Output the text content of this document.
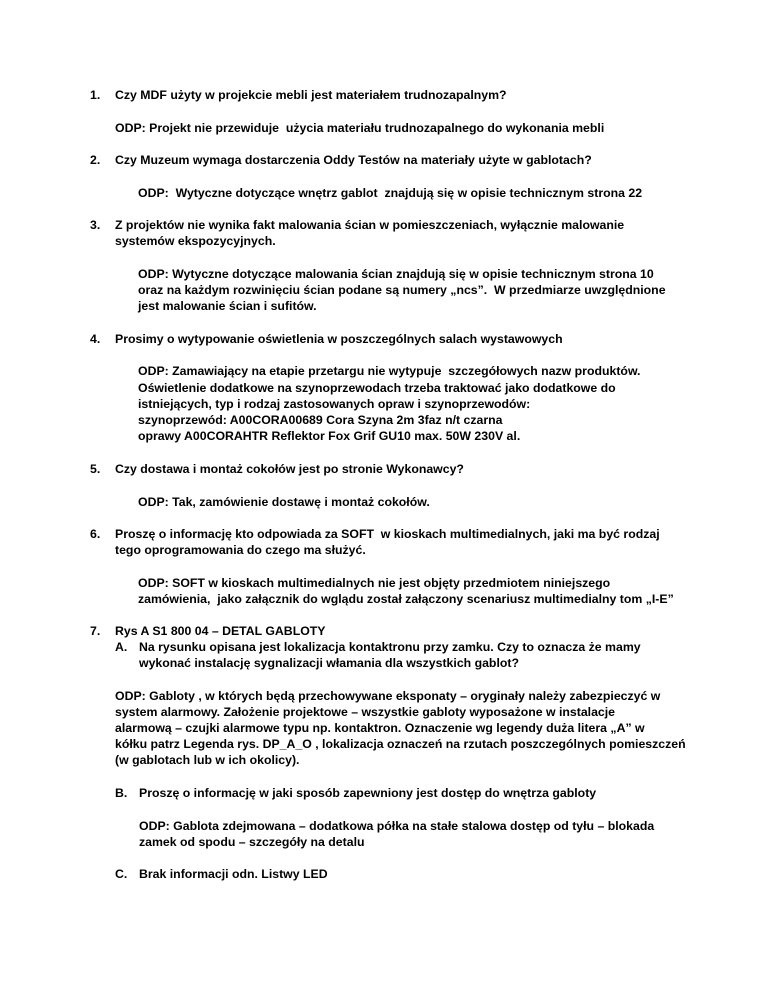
1. Czy MDF użyty w projekcie mebli jest materiałem trudnozapalnym?
ODP: Projekt nie przewiduje  użycia materiału trudnozapalnego do wykonania mebli
2. Czy Muzeum wymaga dostarczenia Oddy Testów na materiały użyte w gablotach?
ODP:  Wytyczne dotyczące wnętrz gablot  znajdują się w opisie technicznym strona 22
3. Z projektów nie wynika fakt malowania ścian w pomieszczeniach, wyłącznie malowanie
systemów ekspozycyjnych.
ODP: Wytyczne dotyczące malowania ścian znajdują się w opisie technicznym strona 10
oraz na każdym rozwinięciu ścian podane są numery „ncs”.  W przedmiarze uwzględnione
jest malowanie ścian i sufitów.
4. Prosimy o wytypowanie oświetlenia w poszczególnych salach wystawowych
ODP: Zamawiający na etapie przetargu nie wytypuje  szczegółowych nazw produktów.
Oświetlenie dodatkowe na szynoprzewodach trzeba traktować jako dodatkowe do
istniejących, typ i rodzaj zastosowanych opraw i szynoprzewodów:
szynoprzewód: A00CORA00689 Cora Szyna 2m 3faz n/t czarna
oprawy A00CORAHTR Reflektor Fox Grif GU10 max. 50W 230V al.
5. Czy dostawa i montaż cokołów jest po stronie Wykonawcy?
ODP: Tak, zamówienie dostawę i montaż cokołów.
6. Proszę o informację kto odpowiada za SOFT  w kioskach multimedialnych, jaki ma być rodzaj
tego oprogramowania do czego ma służyć.
ODP: SOFT w kioskach multimedialnych nie jest objęty przedmiotem niniejszego
zamówienia,  jako załącznik do wglądu został załączony scenariusz multimedialny tom „I-E”
7. Rys A S1 800 04 – DETAL GABLOTY
A. Na rysunku opisana jest lokalizacja kontaktronu przy zamku. Czy to oznacza że mamy
wykonać instalację sygnalizacji włamania dla wszystkich gablot?
ODP: Gabloty , w których będą przechowywane eksponaty – oryginały należy zabezpieczyć w
system alarmowy. Założenie projektowe – wszystkie gabloty wyposażone w instalacje
alarmową – czujki alarmowe typu np. kontaktron. Oznaczenie wg legendy duża litera „A” w
kółku patrz Legenda rys. DP_A_O , lokalizacja oznaczeń na rzutach poszczególnych pomieszczeń
(w gablotach lub w ich okolicy).
B. Proszę o informację w jaki sposób zapewniony jest dostęp do wnętrza gabloty
ODP: Gablota zdejmowana – dodatkowa półka na stałe stalowa dostęp od tyłu – blokada
zamek od spodu – szczegóły na detalu
C. Brak informacji odn. Listwy LED
